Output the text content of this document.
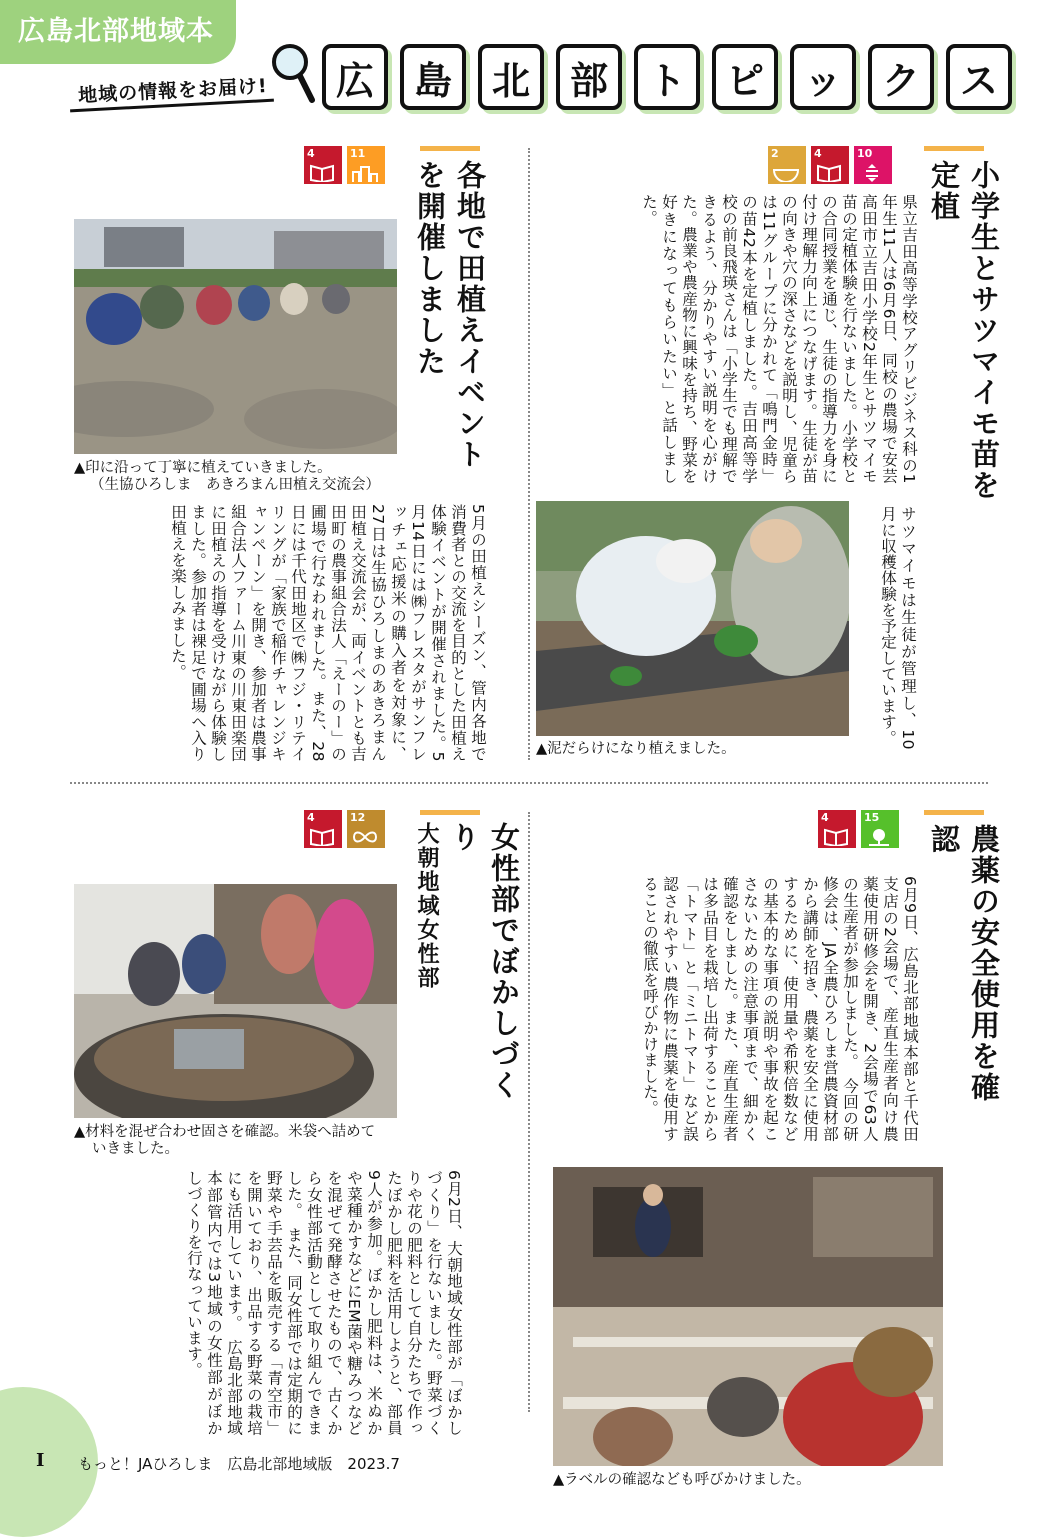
広島北部地域本部	地域の情報をお届け!	広	島	北	部	ト	ピ	ッ	ク	ス
小学生とサツマイモ苗を定植
2	4	10
県立吉田高等学校アグリビジネス科の1年生11人は6月6日、同校の農場で安芸高田市立吉田小学校2年生とサツマイモ苗の定植体験を行ないました。小学校との合同授業を通じ、生徒の指導力を身に付け理解力向上につなげます。生徒が苗の向きや穴の深さなどを説明し、児童らは11グループに分かれて「鳴門金時」の苗42本を定植しました。吉田高等学校の前良飛瑛さんは「小学生でも理解できるよう、分かりやすい説明を心がけた。農業や農産物に興味を持ち、野菜を好きになってもらいたい」と話しました。
サツマイモは生徒が管理し、10月に収穫体験を予定しています。
▲泥だらけになり植えました。
各地で田植えイベントを開催しました
4	11
▲印に沿って丁寧に植えていきました。
（生協ひろしま　あきろまん田植え交流会）
5月の田植えシーズン、管内各地で消費者との交流を目的とした田植え体験イベントが開催されました。5月14日には㈱フレスタがサンフレッチェ応援米の購入者を対象に、27日は生協ひろしまのあきろまん田植え交流会が、両イベントとも吉田町の農事組合法人「えーのー」の圃場で行なわれました。また、28日には千代田地区で㈱フジ・リテイリングが「家族で稲作チャレンジキャンペーン」を開き、参加者は農事組合法人ファーム川東の川東田楽団に田植えの指導を受けながら体験しました。参加者は裸足で圃場へ入り田植えを楽しみました。
農薬の安全使用を確認
4	15
6月9日、広島北部地域本部と千代田支店の2会場で、産直生産者向け農薬使用研修会を開き、2会場で63人の生産者が参加しました。　今回の研修会は、JA全農ひろしま営農資材部から講師を招き、農薬を安全に使用するために、使用量や希釈倍数などの基本的な事項の説明や事故を起こさないための注意事項まで、細かく確認をしました。また、産直生産者は多品目を栽培し出荷することから「トマト」と「ミニトマト」など誤認されやすい農作物に農薬を使用することの徹底を呼びかけました。
▲ラベルの確認なども呼びかけました。
女性部でぼかしづくり
大朝地域女性部
4	12
▲材料を混ぜ合わせ固さを確認。米袋へ詰めて
いきました。
6月2日、大朝地域女性部が「ぼかしづくり」を行ないました。野菜づくりや花の肥料として自分たちで作ったぼかし肥料を活用しようと、部員9人が参加。ぼかし肥料は、米ぬかや菜種かすなどにEM菌や糖みつなどを混ぜて発酵させたもので、古くから女性部活動として取り組んできました。　また、同女性部では定期的に野菜や手芸品を販売する「青空市」を開いており、出品する野菜の栽培にも活用しています。　広島北部地域本部管内では3地域の女性部がぼかしづくりを行なっています。
I もっと！JAひろしま　広島北部地域版　2023.7
